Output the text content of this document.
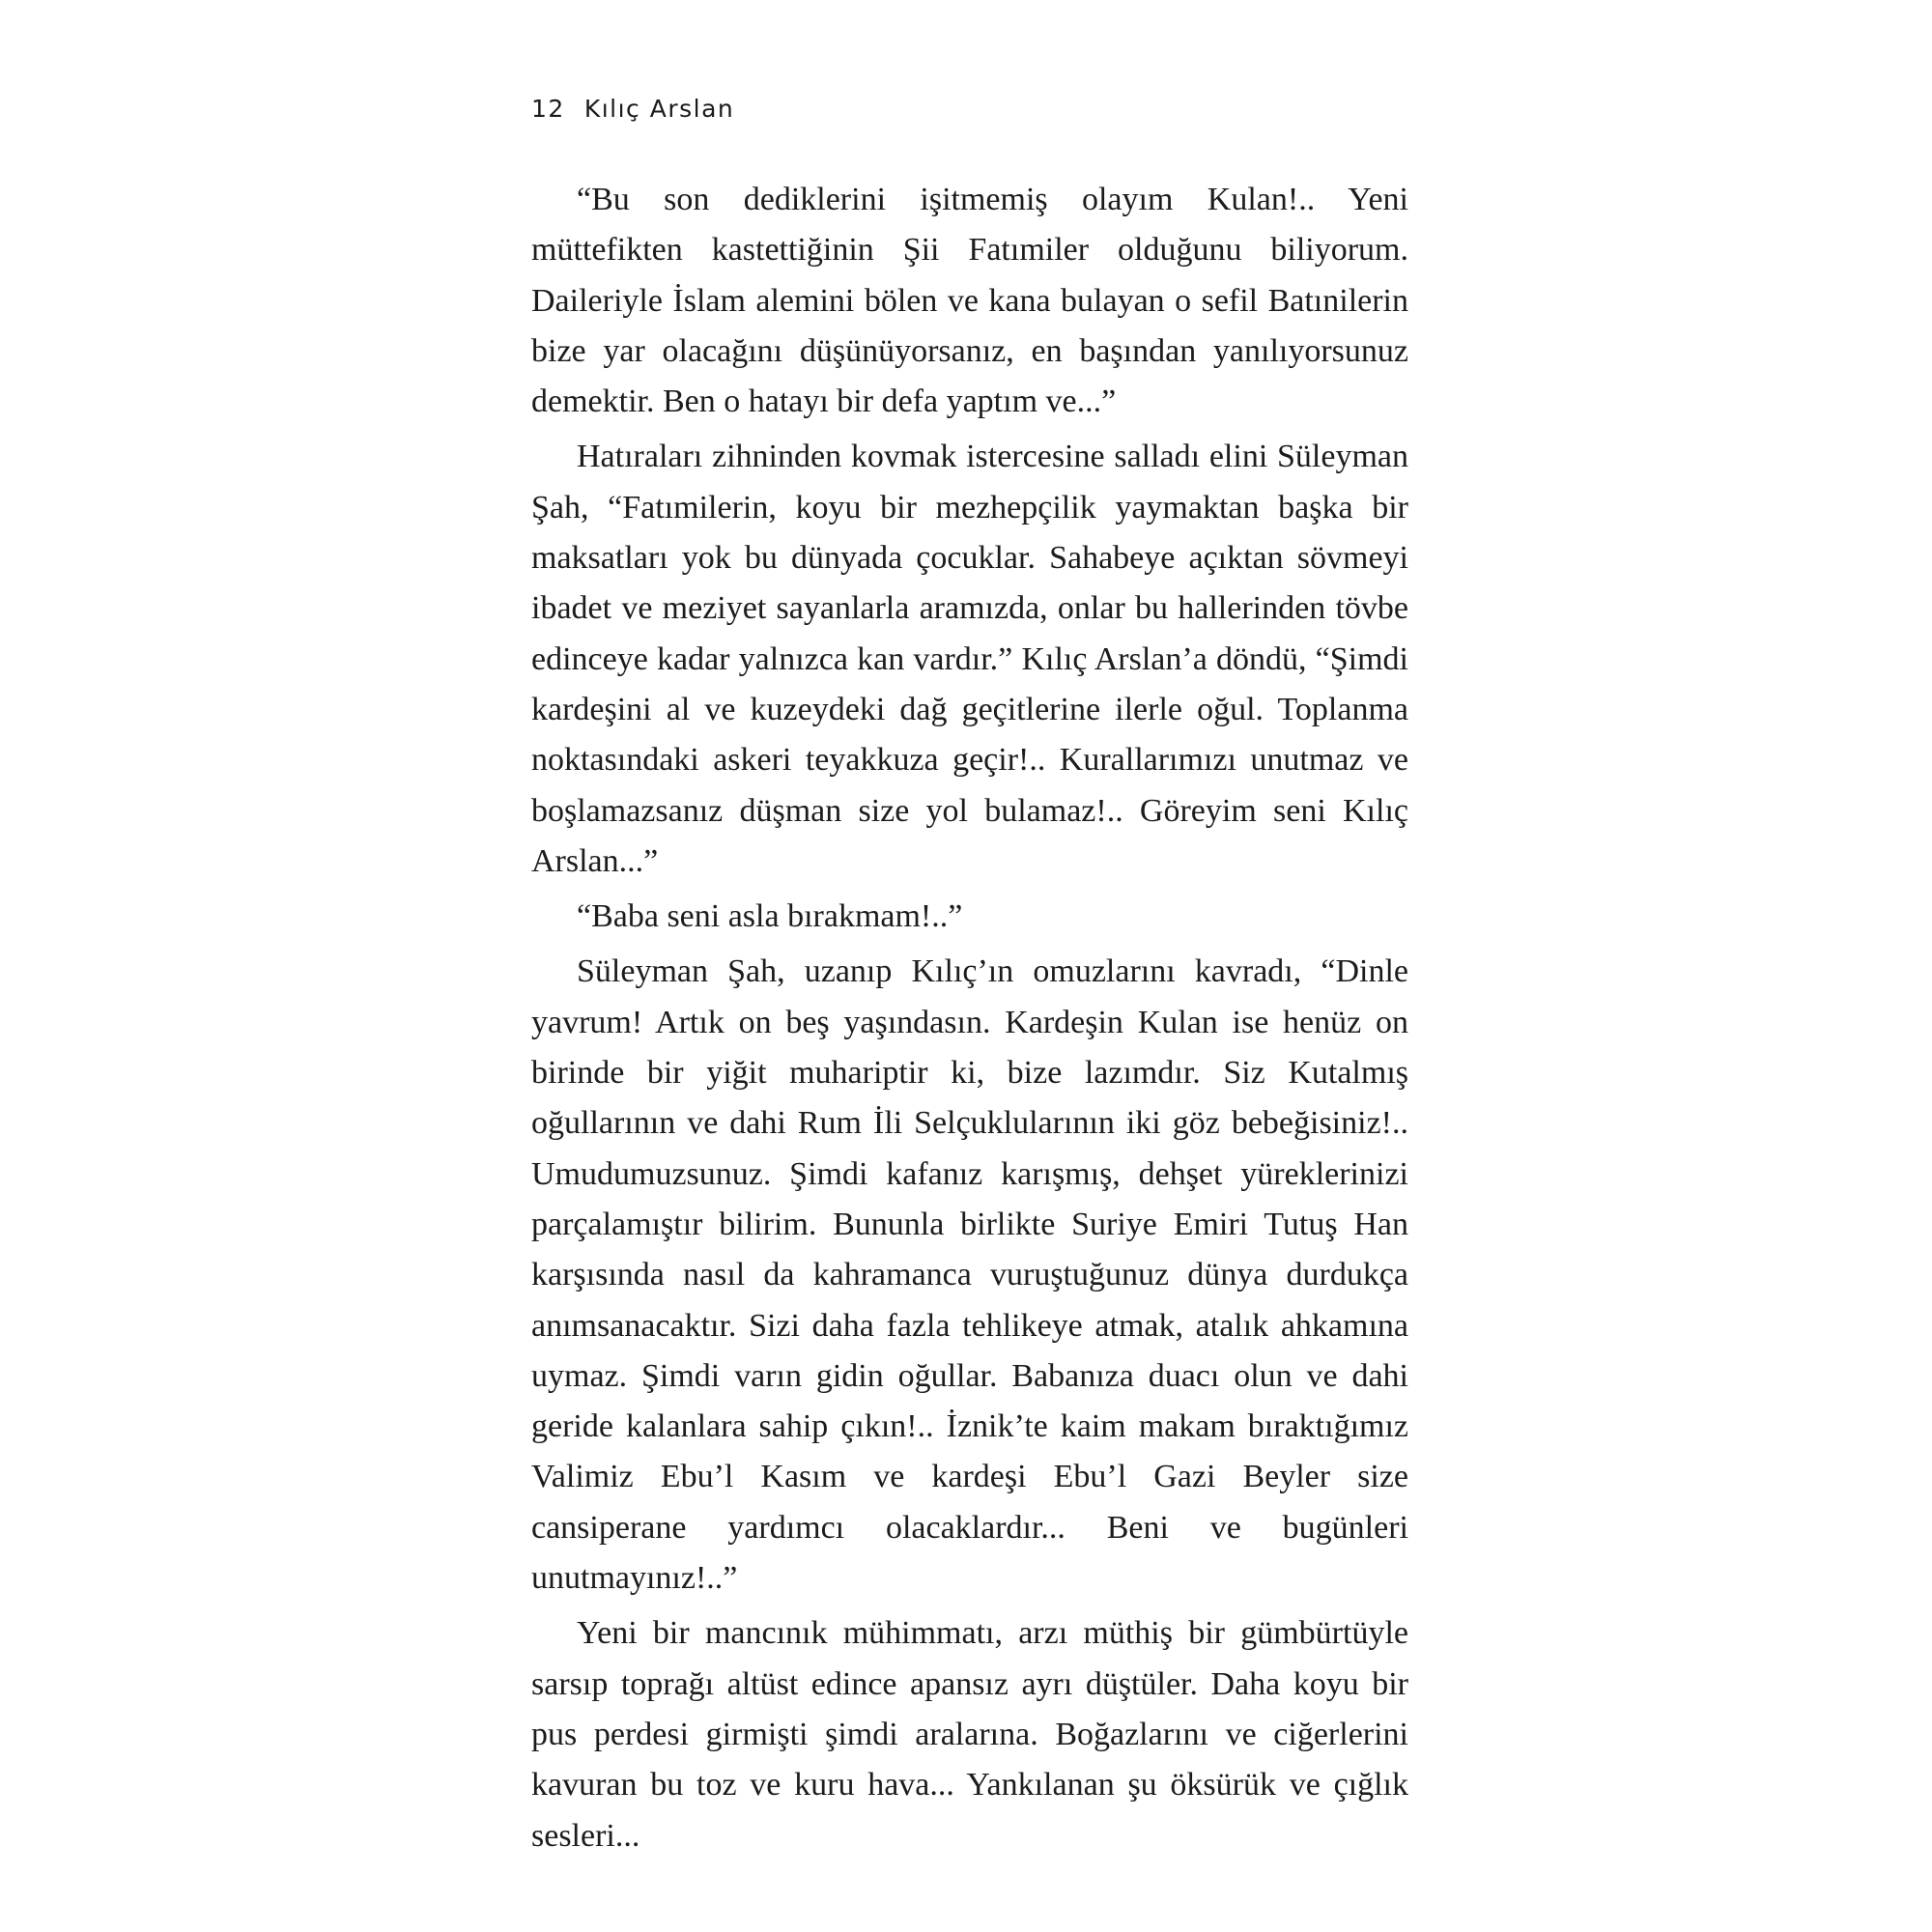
12 Kılıç Arslan

“Bu son dediklerini işitmemiş olayım Kulan!.. Yeni müttefikten kastettiğinin Şii Fatımiler olduğunu biliyorum. Daileriyle İslam alemini bölen ve kana bulayan o sefil Batınilerin bize yar olacağını düşünüyorsanız, en başından yanılıyorsunuz demektir. Ben o hatayı bir defa yaptım ve...”

Hatıraları zihninden kovmak istercesine salladı elini Süleyman Şah, “Fatımilerin, koyu bir mezhepçilik yaymaktan başka bir maksatları yok bu dünyada çocuklar. Sahabeye açıktan sövmeyi ibadet ve meziyet sayanlarla aramızda, onlar bu hallerinden tövbe edinceye kadar yalnızca kan vardır.” Kılıç Arslan’a döndü, “Şimdi kardeşini al ve kuzeydeki dağ geçitlerine ilerle oğul. Toplanma noktasındaki askeri teyakkuza geçir!.. Kurallarımızı unutmaz ve boşlamazsanız düşman size yol bulamaz!.. Göreyim seni Kılıç Arslan...”

“Baba seni asla bırakmam!..”

Süleyman Şah, uzanıp Kılıç’ın omuzlarını kavradı, “Dinle yavrum! Artık on beş yaşındasın. Kardeşin Kulan ise henüz on birinde bir yiğit muhariptir ki, bize lazımdır. Siz Kutalmış oğullarının ve dahi Rum İli Selçuklularının iki göz bebeğisiniz!.. Umudumuzsunuz. Şimdi kafanız karışmış, dehşet yüreklerinizi parçalamıştır bilirim. Bununla birlikte Suriye Emiri Tutuş Han karşısında nasıl da kahramanca vuruştuğunuz dünya durdukça anımsanacaktır. Sizi daha fazla tehlikeye atmak, atalık ahkamına uymaz. Şimdi varın gidin oğullar. Babanıza duacı olun ve dahi geride kalanlara sahip çıkın!.. İznik’te kaim makam bıraktığımız Valimiz Ebu’l Kasım ve kardeşi Ebu’l Gazi Beyler size cansiperane yardımcı olacaklardır... Beni ve bugünleri unutmayınız!..”

Yeni bir mancınık mühimmatı, arzı müthiş bir gümbürtüyle sarsıp toprağı altüst edince apansız ayrı düştüler. Daha koyu bir pus perdesi girmişti şimdi aralarına. Boğazlarını ve ciğerlerini kavuran bu toz ve kuru hava... Yankılanan şu öksürük ve çığlık sesleri...
